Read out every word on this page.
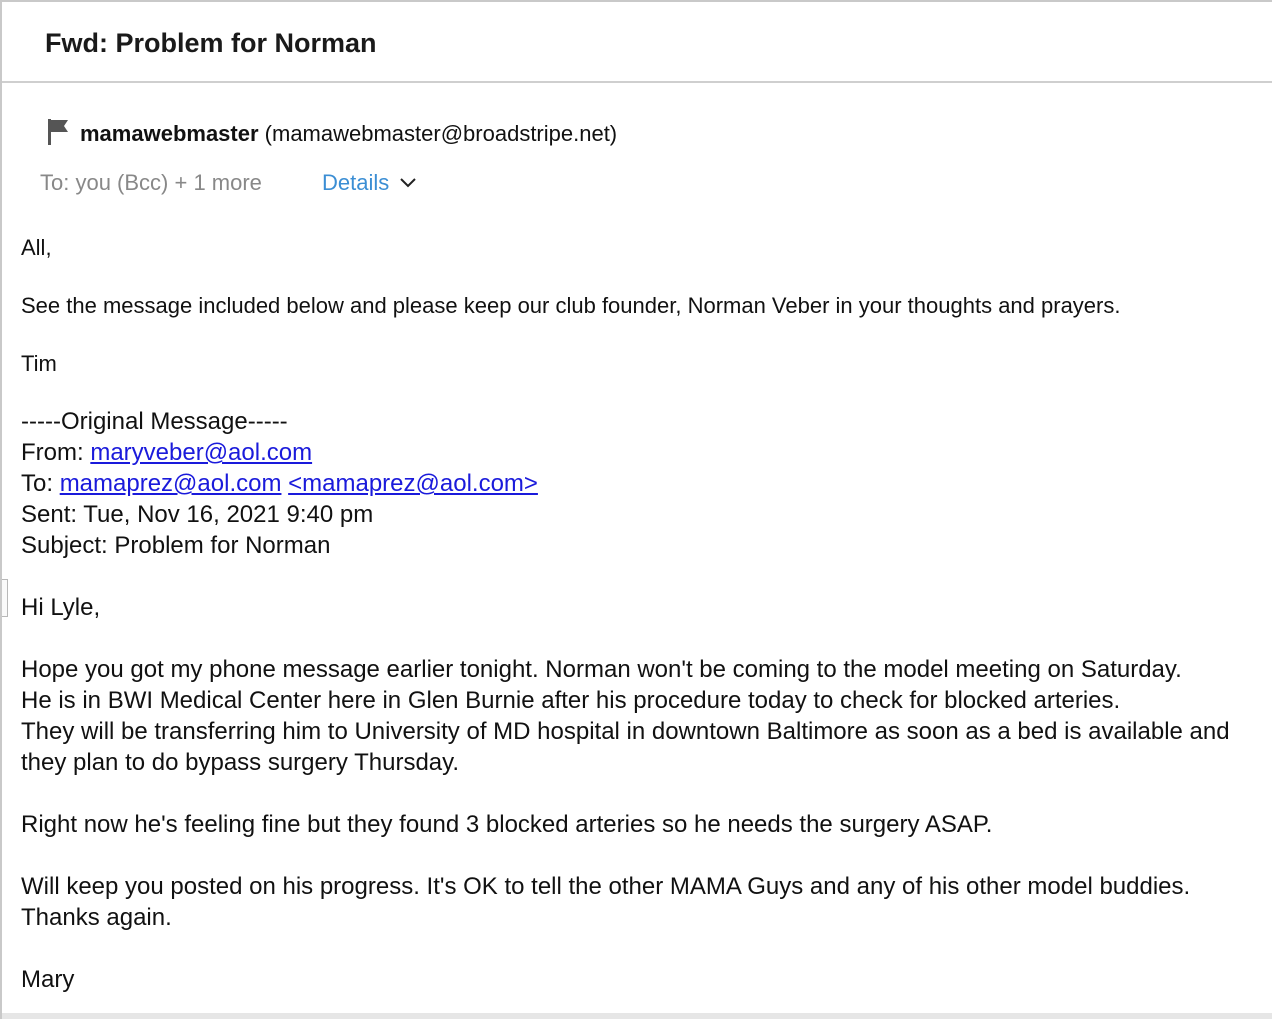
Fwd: Problem for Norman
mamawebmaster (mamawebmaster@broadstripe.net)
To: you (Bcc) + 1 more	Details
All,
See the message included below and please keep our club founder, Norman Veber in your thoughts and prayers.
Tim
-----Original Message-----
From: maryveber@aol.com
To: mamaprez@aol.com <mamaprez@aol.com>
Sent: Tue, Nov 16, 2021 9:40 pm
Subject: Problem for Norman
Hi Lyle,
Hope you got my phone message earlier tonight. Norman won't be coming to the model meeting on Saturday.
He is in BWI Medical Center here in Glen Burnie after his procedure today to check for blocked arteries.
They will be transferring him to University of MD hospital in downtown Baltimore as soon as a bed is available and
they plan to do bypass surgery Thursday.
Right now he's feeling fine but they found 3 blocked arteries so he needs the surgery ASAP.
Will keep you posted on his progress. It's OK to tell the other MAMA Guys and any of his other model buddies.
Thanks again.
Mary
